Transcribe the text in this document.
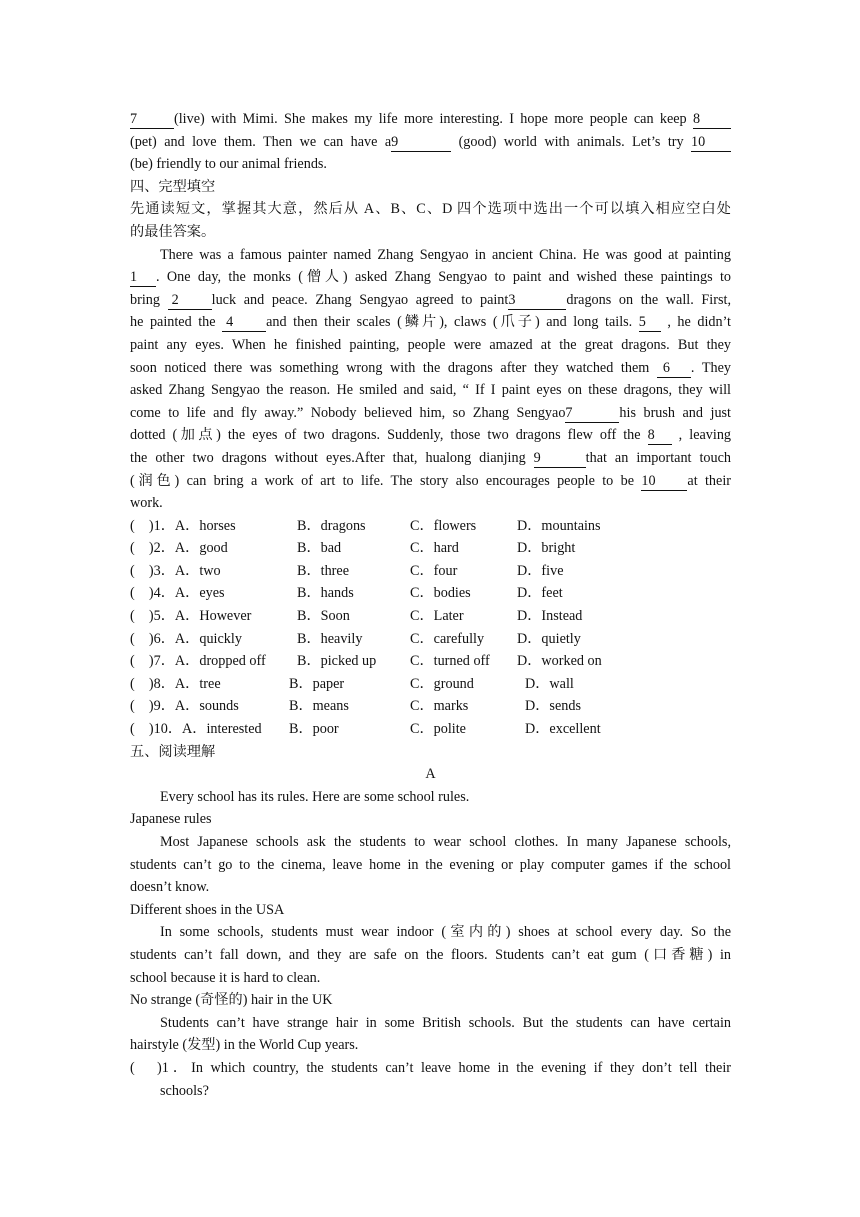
7	(live) with Mimi. She makes my life more interesting. I hope more people can keep 8
(pet) and love them. Then we can have a9	(good) world with animals. Let’s try 10
(be) friendly to our animal friends.
四、完型填空
先通读短文，掌握其大意，然后从 A、B、C、D 四个选项中选出一个可以填入相应空白处
的最佳答案。
There was a famous painter named Zhang Sengyao in ancient China. He was good at painting
1 . One day, the monks (僧人) asked Zhang Sengyao to paint and wished these paintings to
bring 2 luck and peace. Zhang Sengyao agreed to paint3	dragons on the wall. First,
he painted the 4 and then their scales (鳞片), claws (爪子) and long tails. 5 , he didn’t
paint any eyes. When he finished painting, people were amazed at the great dragons. But they
soon noticed there was something wrong with the dragons after they watched them 6 . They
asked Zhang Sengyao the reason. He smiled and said, “ If I paint eyes on these dragons, they will
come to life and fly away.” Nobody believed him, so Zhang Sengyao7	his brush and just
dotted (加点) the eyes of two dragons. Suddenly, those two dragons flew off the 8 , leaving
the other two dragons without eyes.After that, hualong dianjing 9	that an important touch
(润色) can bring a work of art to life. The story also encourages people to be 10 at their
work.
(　)1．A．horses	B．dragons	C．flowers	D．mountains
(　)2．A．good	B．bad	C．hard	D．bright
(　)3．A．two	B．three	C．four	D．five
(　)4．A．eyes	B．hands	C．bodies	D．feet
(　)5．A．However	B．Soon	C．Later	D．Instead
(　)6．A．quickly	B．heavily	C．carefully D．quietly
(　)7．A．dropped off B．picked up C．turned off D．worked on
(　)8．A．tree	B．paper	C．ground	D．wall
(　)9．A．sounds	B．means	C．marks	D．sends
(　)10．A．interested B．poor	C．polite	D．excellent
五、阅读理解
A
Every school has its rules. Here are some school rules.
Japanese rules
Most Japanese schools ask the students to wear school clothes. In many Japanese schools,
students can’t go to the cinema, leave home in the evening or play computer games if the school
doesn’t know.
Different shoes in the USA
In some schools, students must wear indoor (室内的) shoes at school every day. So the
students can’t fall down, and they are safe on the floors. Students can’t eat gum (口香糖) in
school because it is hard to clean.
No strange (奇怪的) hair in the UK
Students can’t have strange hair in some British schools. But the students can have certain
hairstyle (发型) in the World Cup years.
(　)1．In which country, the students can’t leave home in the evening if they don’t tell their
schools?
